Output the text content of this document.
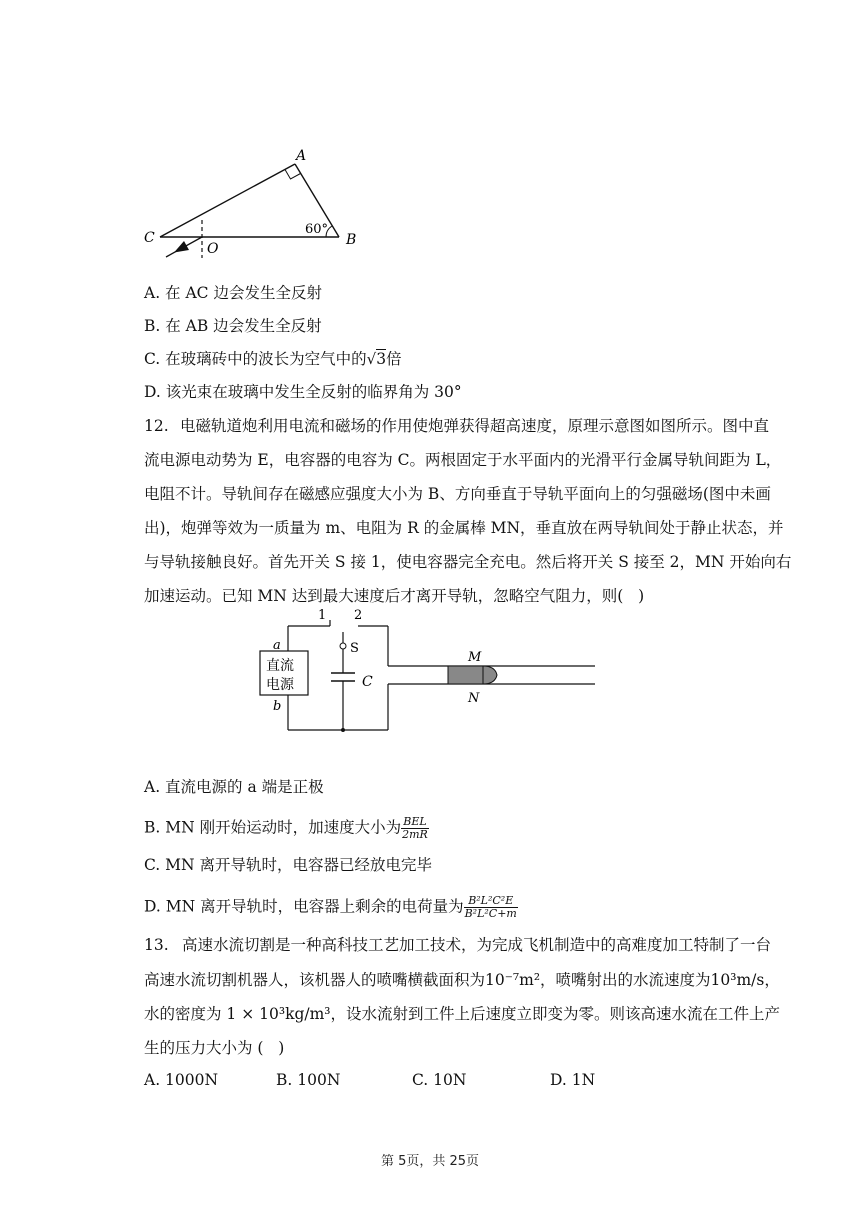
A
B
C
O
60°
A. 在 AC 边会发生全反射
B. 在 AB 边会发生全反射
C. 在玻璃砖中的波长为空气中的√3倍
D. 该光束在玻璃中发生全反射的临界角为 30°
12. 电磁轨道炮利用电流和磁场的作用使炮弹获得超高速度，原理示意图如图所示。图中直
流电源电动势为 E，电容器的电容为 C。两根固定于水平面内的光滑平行金属导轨间距为 L，
电阻不计。导轨间存在磁感应强度大小为 B、方向垂直于导轨平面向上的匀强磁场(图中未画
出)，炮弹等效为一质量为 m、电阻为 R 的金属棒 MN，垂直放在两导轨间处于静止状态，并
与导轨接触良好。首先开关 S 接 1，使电容器完全充电。然后将开关 S 接至 2，MN 开始向右
加速运动。已知 MN 达到最大速度后才离开导轨，忽略空气阻力，则(   )
直流
电源
a
b
1 2
S
C
M
N
A. 直流电源的 a 端是正极
B. MN 刚开始运动时，加速度大小为 $\frac{\text{BEL}}{2mR}$
C. MN 离开导轨时，电容器已经放电完毕
D. MN 离开导轨时，电容器上剩余的电荷量为 $\frac{\text{B²L²C²E}}{\text{B²L²C+m}}$
13. 高速水流切割是一种高科技工艺加工技术，为完成飞机制造中的高难度加工特制了一台
高速水流切割机器人，该机器人的喷嘴横截面积为10⁻⁷m²，喷嘴射出的水流速度为10³m/s，
水的密度为 1 × 10³kg/m³，设水流射到工件上后速度立即变为零。则该高速水流在工件上产
生的压力大小为 (   )
A. 1000N	B. 100N	C. 10N	D. 1N
第 5页，共 25页
